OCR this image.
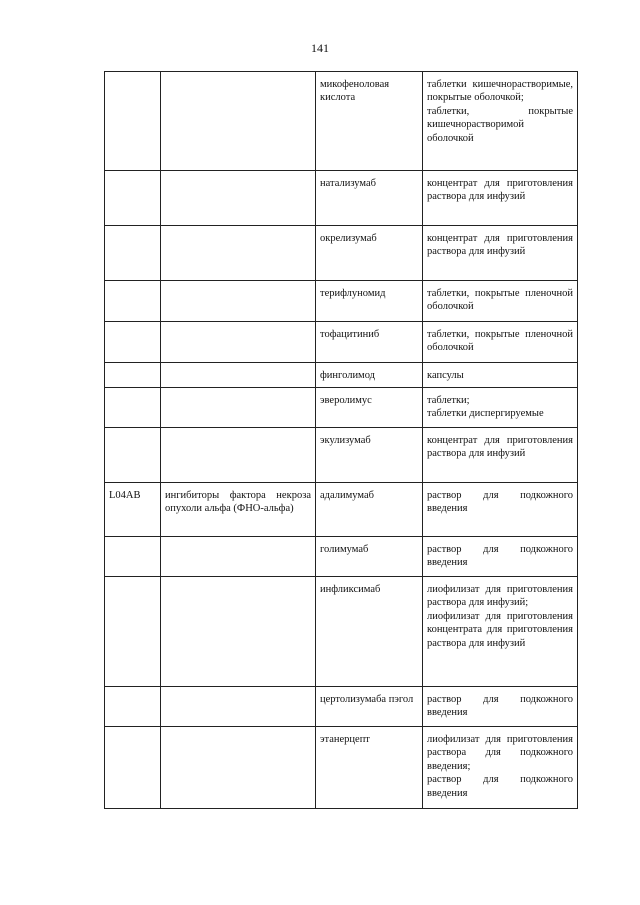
141
		микофеноловая кислота	таблетки кишечнорастворимые, покрытые оболочкой;
таблетки, покрытые кишечнорастворимой оболочкой

		натализумаб	концентрат для приготовления раствора для инфузий

		окрелизумаб	концентрат для приготовления раствора для инфузий

		терифлуномид	таблетки, покрытые пленочной оболочкой

		тофацитиниб	таблетки, покрытые пленочной оболочкой

		финголимод	капсулы

		эверолимус	таблетки;
таблетки диспергируемые

		экулизумаб	концентрат для приготовления раствора для инфузий

L04AB	ингибиторы фактора некроза опухоли альфа (ФНО-альфа)	адалимумаб	раствор для подкожного введения

		голимумаб	раствор для подкожного введения

		инфликсимаб	лиофилизат для приготовления раствора для инфузий;
лиофилизат для приготовления концентрата для приготовления раствора для инфузий

		цертолизумаба пэгол	раствор для подкожного введения

		этанерцепт	лиофилизат для приготовления раствора для подкожного введения;
раствор для подкожного введения
